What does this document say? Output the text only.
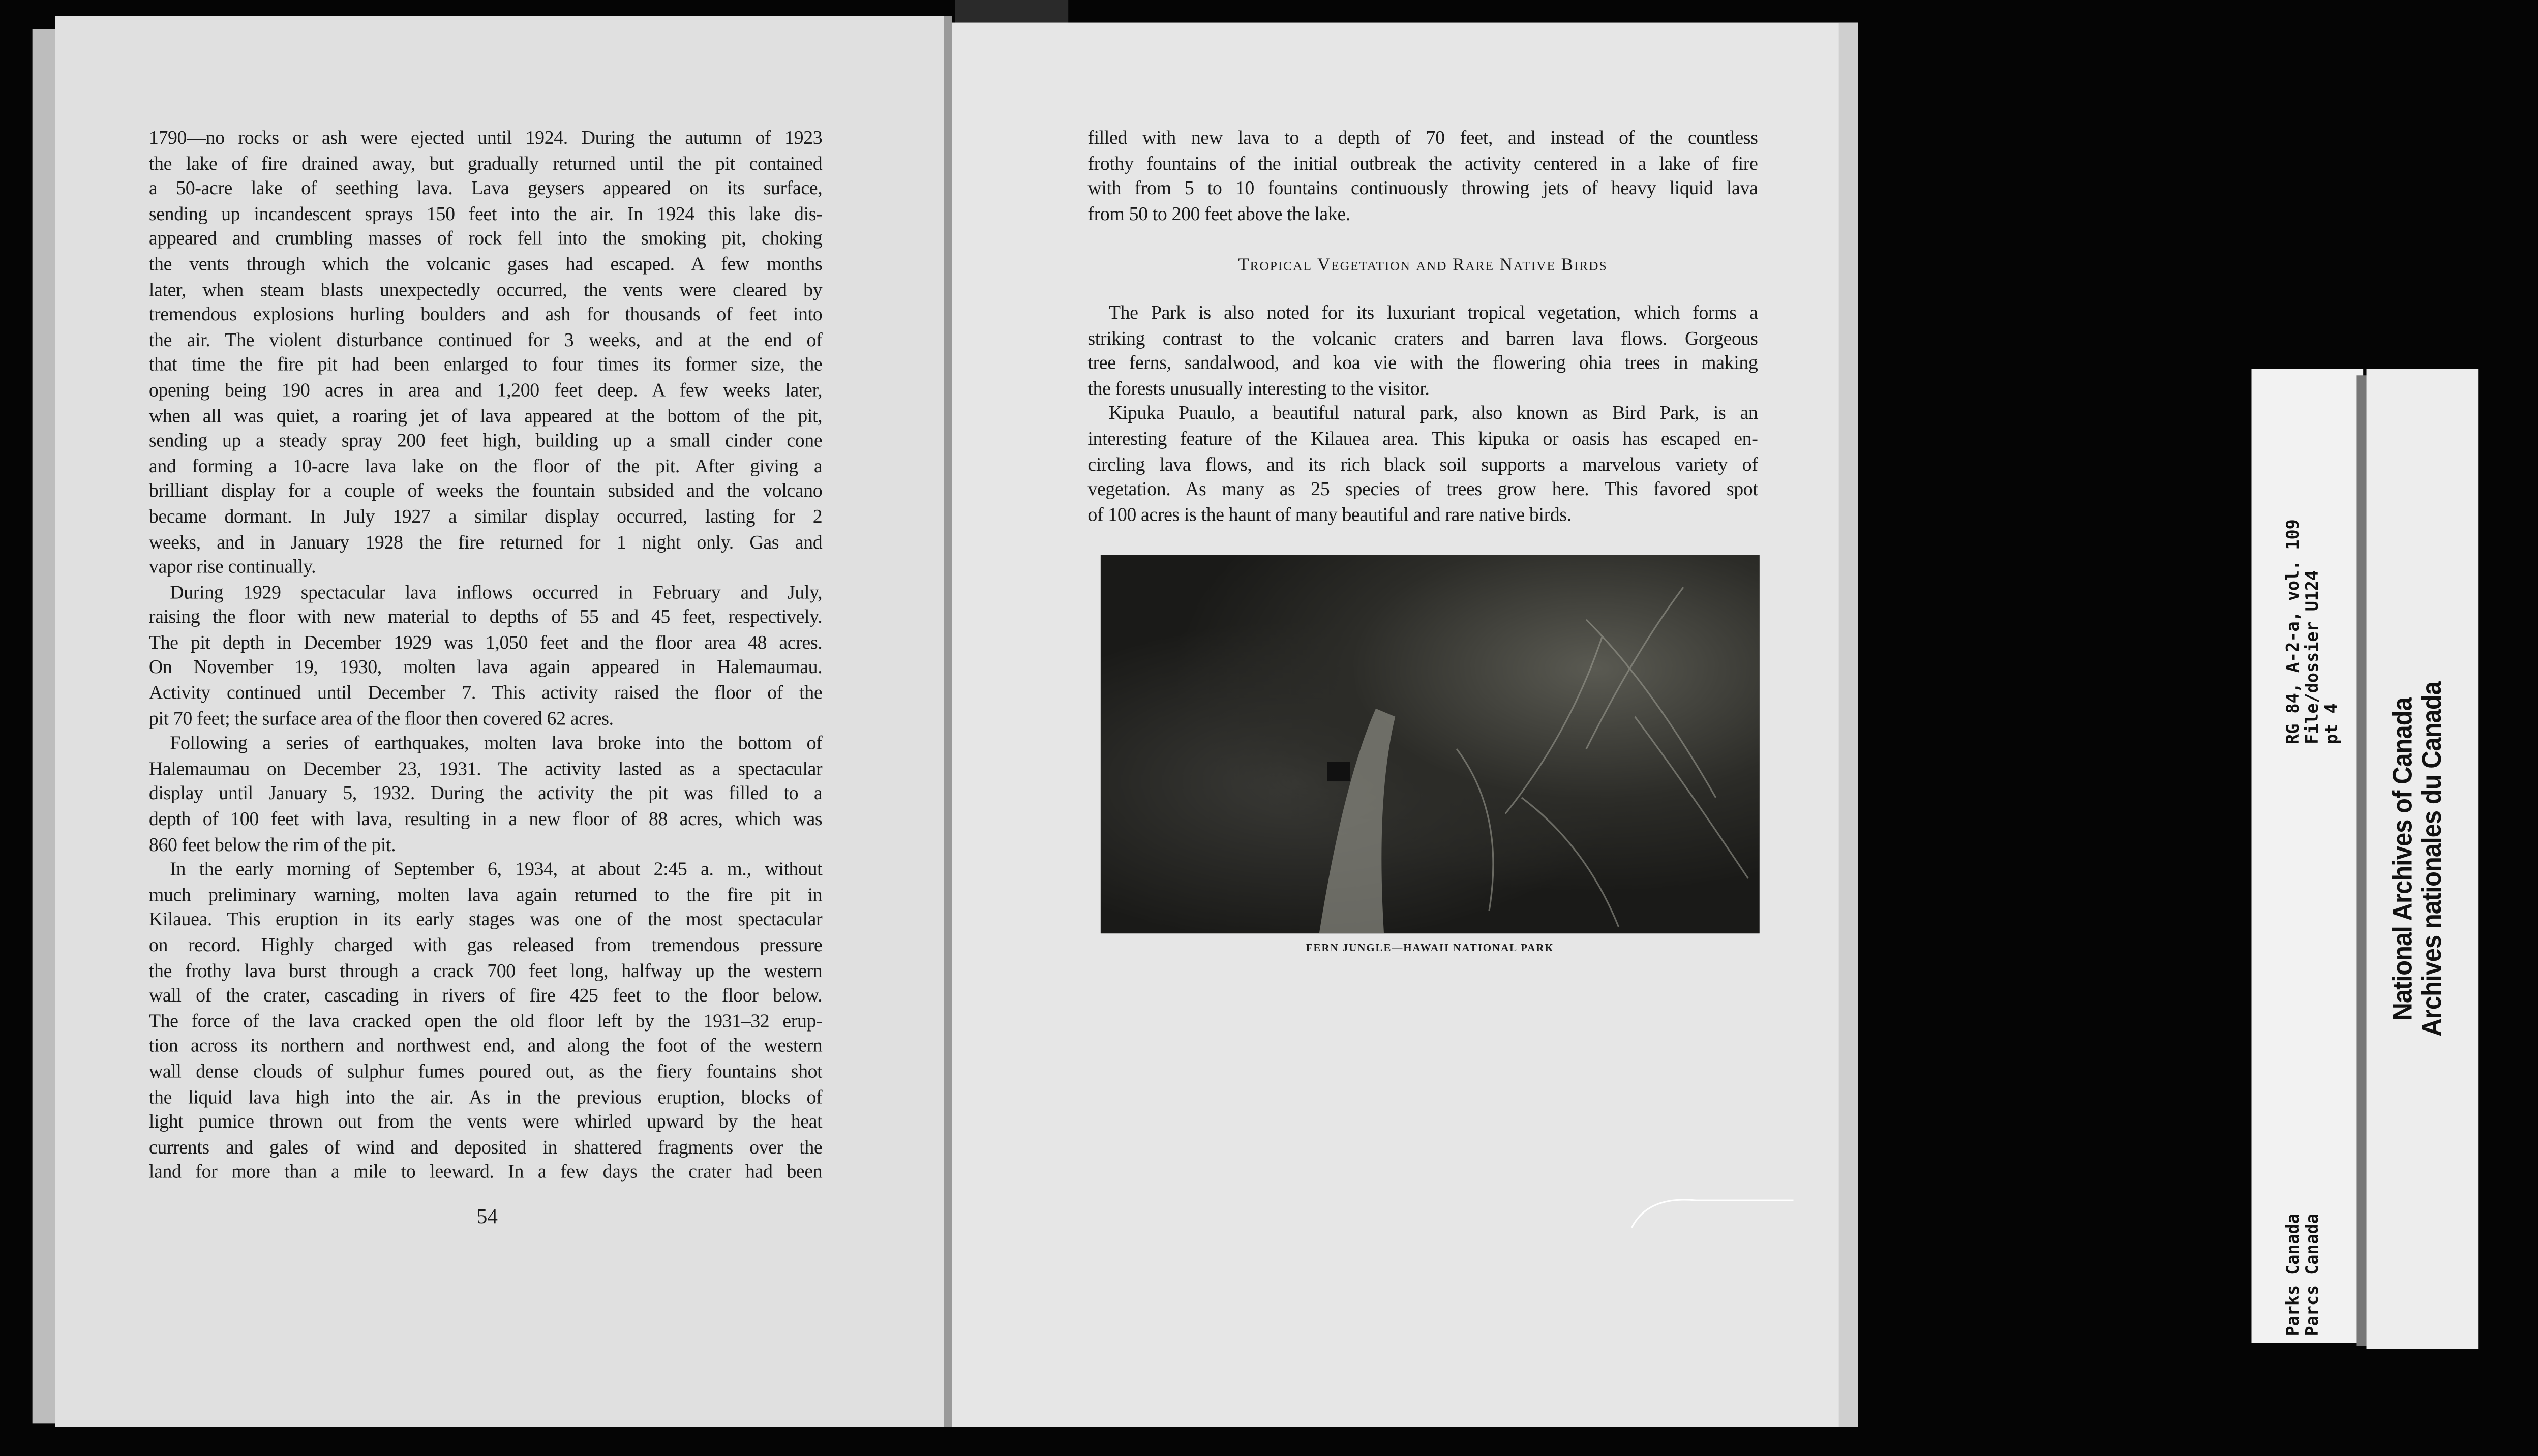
1790—no rocks or ash were ejected until 1924. During the autumn of 1923
the lake of fire drained away, but gradually returned until the pit contained
a 50-acre lake of seething lava. Lava geysers appeared on its surface,
sending up incandescent sprays 150 feet into the air. In 1924 this lake dis-
appeared and crumbling masses of rock fell into the smoking pit, choking
the vents through which the volcanic gases had escaped. A few months
later, when steam blasts unexpectedly occurred, the vents were cleared by
tremendous explosions hurling boulders and ash for thousands of feet into
the air. The violent disturbance continued for 3 weeks, and at the end of
that time the fire pit had been enlarged to four times its former size, the
opening being 190 acres in area and 1,200 feet deep. A few weeks later,
when all was quiet, a roaring jet of lava appeared at the bottom of the pit,
sending up a steady spray 200 feet high, building up a small cinder cone
and forming a 10-acre lava lake on the floor of the pit. After giving a
brilliant display for a couple of weeks the fountain subsided and the volcano
became dormant. In July 1927 a similar display occurred, lasting for 2
weeks, and in January 1928 the fire returned for 1 night only. Gas and
vapor rise continually.
During 1929 spectacular lava inflows occurred in February and July,
raising the floor with new material to depths of 55 and 45 feet, respectively.
The pit depth in December 1929 was 1,050 feet and the floor area 48 acres.
On November 19, 1930, molten lava again appeared in Halemaumau.
Activity continued until December 7. This activity raised the floor of the
pit 70 feet; the surface area of the floor then covered 62 acres.
Following a series of earthquakes, molten lava broke into the bottom of
Halemaumau on December 23, 1931. The activity lasted as a spectacular
display until January 5, 1932. During the activity the pit was filled to a
depth of 100 feet with lava, resulting in a new floor of 88 acres, which was
860 feet below the rim of the pit.
In the early morning of September 6, 1934, at about 2:45 a. m., without
much preliminary warning, molten lava again returned to the fire pit in
Kilauea. This eruption in its early stages was one of the most spectacular
on record. Highly charged with gas released from tremendous pressure
the frothy lava burst through a crack 700 feet long, halfway up the western
wall of the crater, cascading in rivers of fire 425 feet to the floor below.
The force of the lava cracked open the old floor left by the 1931–32 erup-
tion across its northern and northwest end, and along the foot of the western
wall dense clouds of sulphur fumes poured out, as the fiery fountains shot
the liquid lava high into the air. As in the previous eruption, blocks of
light pumice thrown out from the vents were whirled upward by the heat
currents and gales of wind and deposited in shattered fragments over the
land for more than a mile to leeward. In a few days the crater had been
54
filled with new lava to a depth of 70 feet, and instead of the countless
frothy fountains of the initial outbreak the activity centered in a lake of fire
with from 5 to 10 fountains continuously throwing jets of heavy liquid lava
from 50 to 200 feet above the lake.
Tropical Vegetation and Rare Native Birds
The Park is also noted for its luxuriant tropical vegetation, which forms a
striking contrast to the volcanic craters and barren lava flows. Gorgeous
tree ferns, sandalwood, and koa vie with the flowering ohia trees in making
the forests unusually interesting to the visitor.
Kipuka Puaulo, a beautiful natural park, also known as Bird Park, is an
interesting feature of the Kilauea area. This kipuka or oasis has escaped en-
circling lava flows, and its rich black soil supports a marvelous variety of
vegetation. As many as 25 species of trees grow here. This favored spot
of 100 acres is the haunt of many beautiful and rare native birds.
FERN JUNGLE—HAWAII NATIONAL PARK
Parks Canada Parcs Canada
RG 84, A-2-a, vol. 109 File/dossier U124 pt 4	National Archives of Canada
Archives nationales du Canada
